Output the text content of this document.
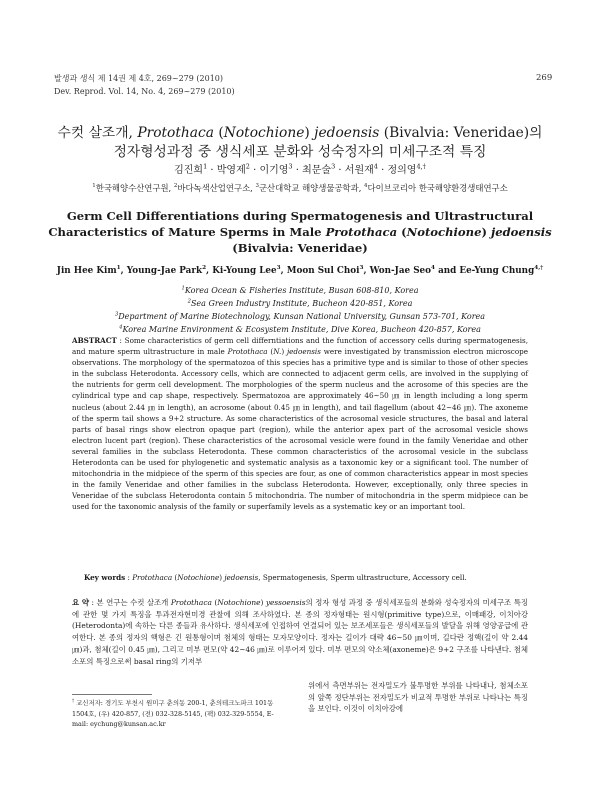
발생과 생식 제 14권 제 4호, 269~279 (2010)
Dev. Reprod. Vol. 14, No. 4, 269~279 (2010)
269
수컷 살조개, Protothaca (Notochione) jedoensis (Bivalvia: Veneridae)의
정자형성과정 중 생식세포 분화와 성숙정자의 미세구조적 특징
김진희$^1$ · 박영제$^2$ · 이기영$^3$ · 최문술$^3$ · 서원재$^4$ · 정의영$^{4,\dagger}$
$^1$한국해양수산연구원, $^2$바다녹색산업연구소, $^3$군산대학교 해양생물공학과, $^4$다이브코리아 한국해양환경생태연구소
Germ Cell Differentiations during Spermatogenesis and Ultrastructural
Characteristics of Mature Sperms in Male Protothaca (Notochione) jedoensis
(Bivalvia: Veneridae)
Jin Hee Kim$^1$, Young-Jae Park$^2$, Ki-Young Lee$^3$, Moon Sul Choi$^3$, Won-Jae Seo$^4$ and Ee-Yung Chung$^{4,\dagger}$
$^1$Korea Ocean & Fisheries Institute, Busan 608-810, Korea
$^2$Sea Green Industry Institute, Bucheon 420-851, Korea
$^3$Department of Marine Biotechnology, Kunsan National University, Gunsan 573-701, Korea
$^4$Korea Marine Environment & Ecosystem Institute, Dive Korea, Bucheon 420-857, Korea

ABSTRACT : Some characteristics of germ cell differntiations and the function of accessory cells during spermatogenesis, and mature sperm ultrastructure in male Protothaca (N.) jedoensis were investigated by transmission electron microscope observations. The morphology of the spermatozoa of this species has a primitive type and is similar to those of other species in the subclass Heterodonta. Accessory cells, which are connected to adjacent germ cells, are involved in the supplying of the nutrients for germ cell development. The morphologies of the sperm nucleus and the acrosome of this species are the cylindrical type and cap shape, respectively. Spermatozoa are approximately 46~50 ㎛ in length including a long sperm nucleus (about 2.44 ㎛ in length), an acrosome (about 0.45 ㎛ in length), and tail flagellum (about 42~46 ㎛). The axoneme of the sperm tail shows a 9+2 structure. As some characteristics of the acrosomal vesicle structures, the basal and lateral parts of basal rings show electron opaque part (region), while the anterior apex part of the acrosomal vesicle shows electron lucent part (region). These characteristics of the acrosomal vesicle were found in the family Veneridae and other several families in the subclass Heterodonta. These common characteristics of the acrosomal vesicle in the subclass Heterodonta can be used for phylogenetic and systematic analysis as a taxonomic key or a significant tool. The number of mitochondria in the midpiece of the sperm of this species are four, as one of common characteristics appear in most species in the family Veneridae and other families in the subclass Heterodonta. However, exceptionally, only three species in Veneridae of the subclass Heterodonta contain 5 mitochondria. The number of mitochondria in the sperm midpiece can be used for the taxonomic analysis of the family or superfamily levels as a systematic key or an important tool.

Key words : Protothaca (Notochione) jedoensis, Spermatogenesis, Sperm ultrastructure, Accessory cell.

요 약 : 본 연구는 수컷 살조개 Protothaca (Notochione) yessoensis의 정자 형성 과정 중 생식세포들의 분화와 성숙정자의 미세구조 특징에 관한 몇 가지 특징을 투과전자현미경 관찰에 의해 조사하였다. 본 종의 정자형태는 원시형(primitive type)으로, 이매패강, 이치아강(Heterodonta)에 속하는 다른 종들과 유사하다. 생식세포에 인접하여 연결되어 있는 보조세포들은 생식세포들의 발달을 위해 영양공급에 관여한다. 본 종의 정자의 핵형은 긴 원통형이며 첨체의 형태는 모자모양이다. 정자는 길이가 대략 46~50 ㎛이며, 길다란 정핵(길이 약 2.44 ㎛)과, 첨체(길이 0.45 ㎛), 그리고 미부 편모(약 42~46 ㎛)로 이루어져 있다. 미부 편모의 약소체(axoneme)은 9+2 구조를 나타낸다. 첨체소포의 특징으로써 basal ring의 기저부

† 교신저자: 경기도 부천시 원미구 춘의동 200-1, 춘의테크노파크 101동 1504호, (우) 420-857, (전) 032-328-5145, (팩) 032-329-5554, E-mail: eychung@kunsan.ac.kr

위에서 측면부위는 전자밀도가 불투명한 부위를 나타내나, 첨체소포의 앞쪽 정단부위는 전자밀도가 비교적 투명한 부위로 나타나는 특징을 보인다. 이것이 이치아강에
